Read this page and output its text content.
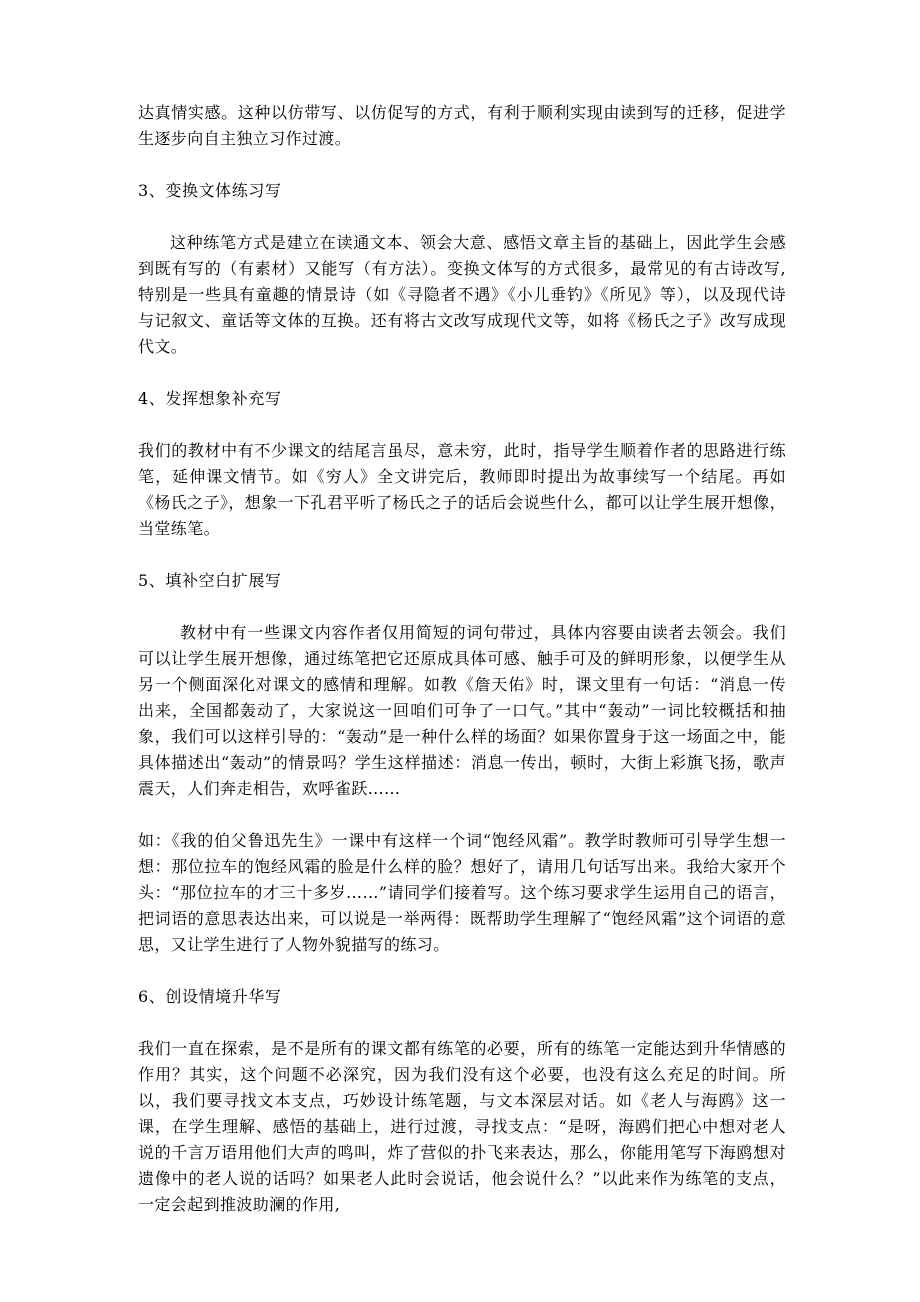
达真情实感。这种以仿带写、以仿促写的方式，有利于顺利实现由读到写的迁移，促进学生逐步向自主独立习作过渡。

3、变换文体练习写

这种练笔方式是建立在读通文本、领会大意、感悟文章主旨的基础上，因此学生会感到既有写的（有素材）又能写（有方法）。变换文体写的方式很多，最常见的有古诗改写,特别是一些具有童趣的情景诗（如《寻隐者不遇》《小儿垂钓》《所见》等），以及现代诗与记叙文、童话等文体的互换。还有将古文改写成现代文等，如将《杨氏之子》改写成现代文。

4、发挥想象补充写

我们的教材中有不少课文的结尾言虽尽，意未穷，此时，指导学生顺着作者的思路进行练笔，延伸课文情节。如《穷人》全文讲完后，教师即时提出为故事续写一个结尾。再如《杨氏之子》，想象一下孔君平听了杨氏之子的话后会说些什么，都可以让学生展开想像，当堂练笔。

5、填补空白扩展写

教材中有一些课文内容作者仅用简短的词句带过，具体内容要由读者去领会。我们可以让学生展开想像，通过练笔把它还原成具体可感、触手可及的鲜明形象，以便学生从另一个侧面深化对课文的感情和理解。如教《詹天佑》时，课文里有一句话：“消息一传出来，全国都轰动了，大家说这一回咱们可争了一口气。”其中“轰动”一词比较概括和抽象，我们可以这样引导的：“轰动”是一种什么样的场面？如果你置身于这一场面之中，能具体描述出“轰动”的情景吗？学生这样描述：消息一传出，顿时，大街上彩旗飞扬，歌声震天，人们奔走相告，欢呼雀跃……

如：《我的伯父鲁迅先生》一课中有这样一个词“饱经风霜”。教学时教师可引导学生想一想：那位拉车的饱经风霜的脸是什么样的脸？想好了，请用几句话写出来。我给大家开个头：“那位拉车的才三十多岁……”请同学们接着写。这个练习要求学生运用自己的语言，把词语的意思表达出来，可以说是一举两得：既帮助学生理解了“饱经风霜”这个词语的意思，又让学生进行了人物外貌描写的练习。

6、创设情境升华写

我们一直在探索，是不是所有的课文都有练笔的必要，所有的练笔一定能达到升华情感的作用？其实，这个问题不必深究，因为我们没有这个必要，也没有这么充足的时间。所以，我们要寻找文本支点，巧妙设计练笔题，与文本深层对话。如《老人与海鸥》这一课，在学生理解、感悟的基础上，进行过渡，寻找支点：“是呀，海鸥们把心中想对老人说的千言万语用他们大声的鸣叫，炸了营似的扑飞来表达，那么，你能用笔写下海鸥想对遗像中的老人说的话吗？如果老人此时会说话，他会说什么？”以此来作为练笔的支点，一定会起到推波助澜的作用,
